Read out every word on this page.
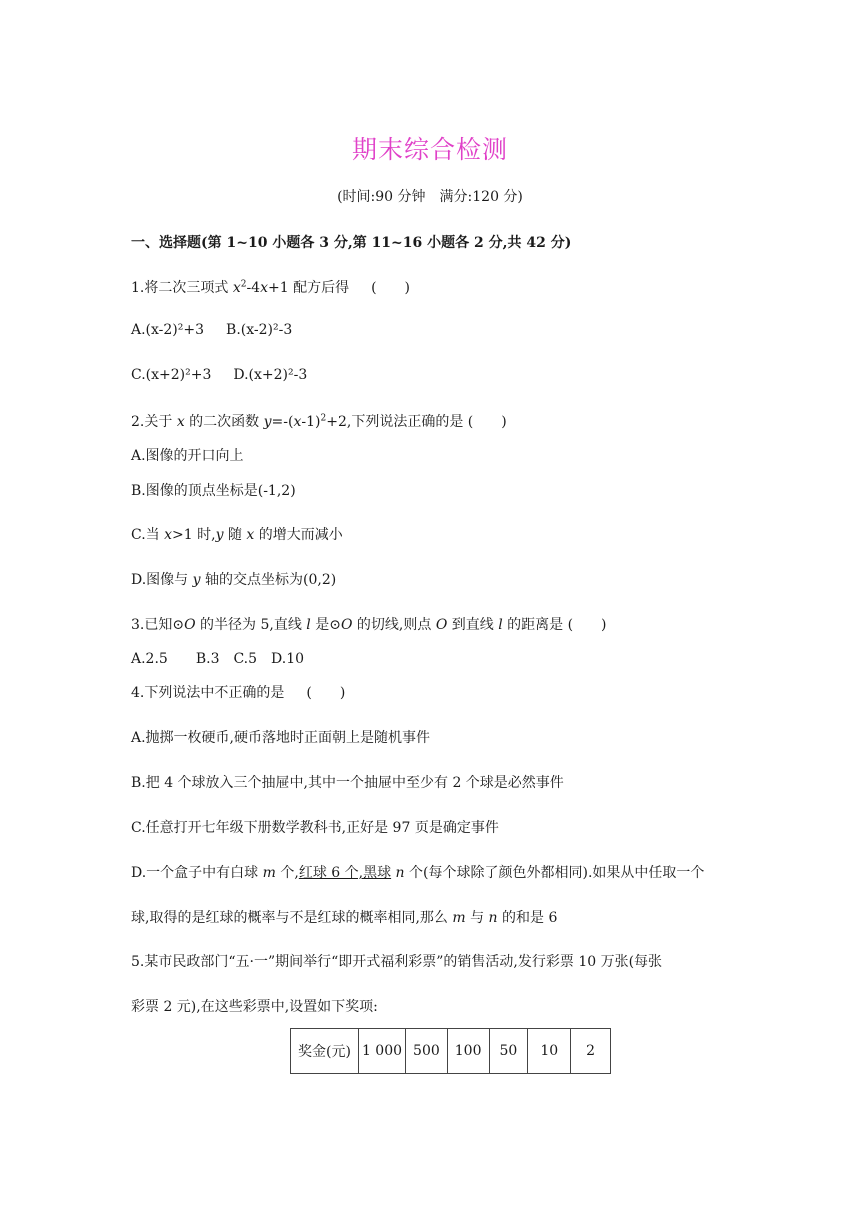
期末综合检测
(时间:90 分钟　满分:120 分)
一、选择题(第 1~10 小题各 3 分,第 11~16 小题各 2 分,共 42 分)
1.将二次三项式 $x^2-4x+1$ 配方后得 (　　)
A.(x-2)²+3 B.(x-2)²-3
C.(x+2)²+3 D.(x+2)²-3
2.关于 x 的二次函数 $y=-(x-1)^2+2$,下列说法正确的是 (　　)
A.图像的开口向上
B.图像的顶点坐标是(-1,2)
C.当 x>1 时,y 随 x 的增大而减小
D.图像与 y 轴的交点坐标为(0,2)
3.已知⊙O 的半径为 5,直线 l 是⊙O 的切线,则点 O 到直线 l 的距离是 (　　)
A.2.5　　B.3　C.5　D.10
4.下列说法中不正确的是 (　　)
A.抛掷一枚硬币,硬币落地时正面朝上是随机事件
B.把 4 个球放入三个抽屉中,其中一个抽屉中至少有 2 个球是必然事件
C.任意打开七年级下册数学教科书,正好是 97 页是确定事件
D.一个盒子中有白球 m 个,红球 6 个,黑球 n 个(每个球除了颜色外都相同).如果从中任取一个
球,取得的是红球的概率与不是红球的概率相同,那么 m 与 n 的和是 6
5.某市民政部门“五·一”期间举行“即开式福利彩票”的销售活动,发行彩票 10 万张(每张
彩票 2 元),在这些彩票中,设置如下奖项:
奖金(元)	1 000	500	100	50	10	2
